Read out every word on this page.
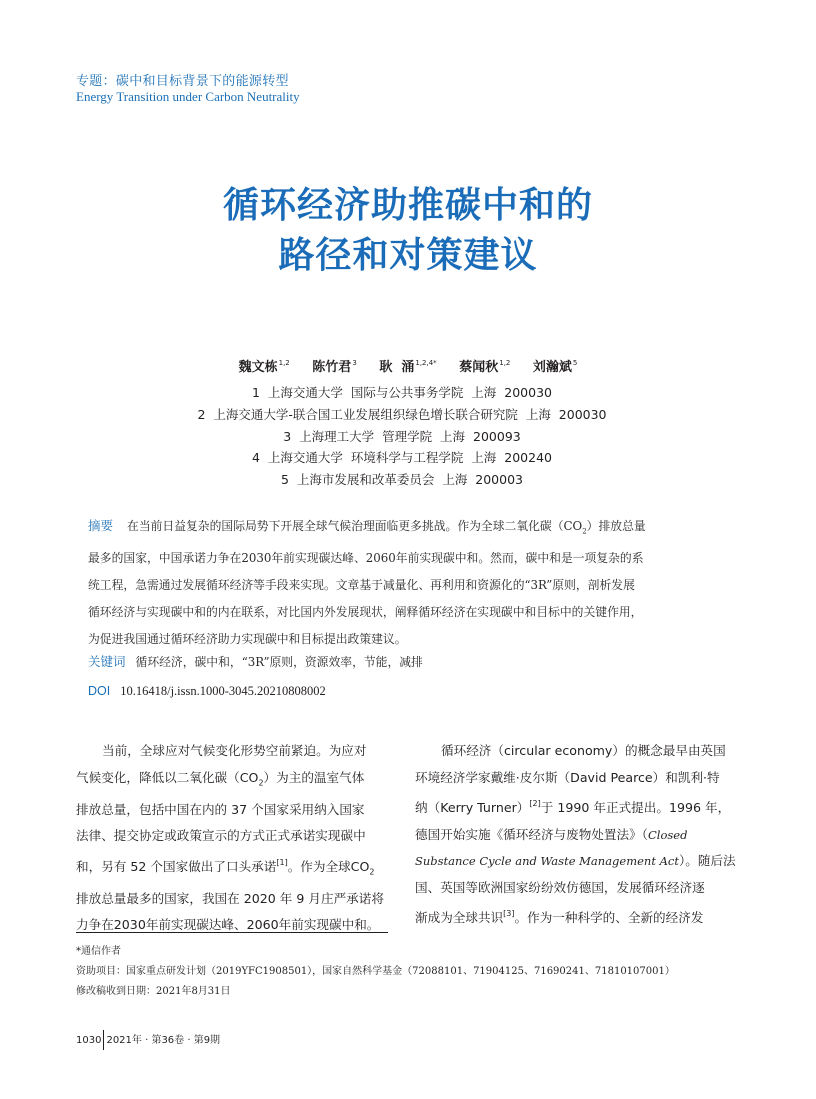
专题：碳中和目标背景下的能源转型
Energy Transition under Carbon Neutrality
循环经济助推碳中和的
路径和对策建议
魏文栋$^{1,2}$ 陈竹君$^3$ 耿  涌$^{1,2,4*}$ 蔡闻秋$^{1,2}$ 刘瀚斌$^5$
1  上海交通大学  国际与公共事务学院  上海  200030
2  上海交通大学-联合国工业发展组织绿色增长联合研究院  上海  200030
3  上海理工大学  管理学院  上海  200093
4  上海交通大学  环境科学与工程学院  上海  200240
5  上海市发展和改革委员会  上海  200003
摘要 在当前日益复杂的国际局势下开展全球气候治理面临更多挑战。作为全球二氧化碳$(CO_2)$排放总量
最多的国家，中国承诺力争在2030年前实现碳达峰、2060年前实现碳中和。然而，碳中和是一项复杂的系
统工程，急需通过发展循环经济等手段来实现。文章基于减量化、再利用和资源化的“3R”原则，剖析发展
循环经济与实现碳中和的内在联系，对比国内外发展现状，阐释循环经济在实现碳中和目标中的关键作用，
为促进我国通过循环经济助力实现碳中和目标提出政策建议。
关键词 循环经济，碳中和，“3R”原则，资源效率，节能，减排
DOI 10.16418/j.issn.1000-3045.20210808002
当前，全球应对气候变化形势空前紧迫。为应对
气候变化，降低以二氧化碳$(CO_2)$为主的温室气体
排放总量，包括中国在内的 37 个国家采用纳入国家
法律、提交协定或政策宣示的方式正式承诺实现碳中
和，另有 52 个国家做出了口头承诺[1]。作为全球$CO_2$
排放总量最多的国家，我国在 2020 年 9 月庄严承诺将
力争在2030年前实现碳达峰、2060年前实现碳中和。
循环经济（circular economy）的概念最早由英国
环境经济学家戴维·皮尔斯（David Pearce）和凯利·特
纳（Kerry Turner）[2]于 1990 年正式提出。1996 年，
德国开始实施《循环经济与废物处置法》（Closed
Substance Cycle and Waste Management Act）。随后法
国、英国等欧洲国家纷纷效仿德国，发展循环经济逐
渐成为全球共识[3]。作为一种科学的、全新的经济发
*通信作者
资助项目：国家重点研发计划（2019YFC1908501），国家自然科学基金（72088101、71904125、71690241、71810107001）
修改稿收到日期：2021年8月31日
1030 2021年 · 第36卷 · 第9期
